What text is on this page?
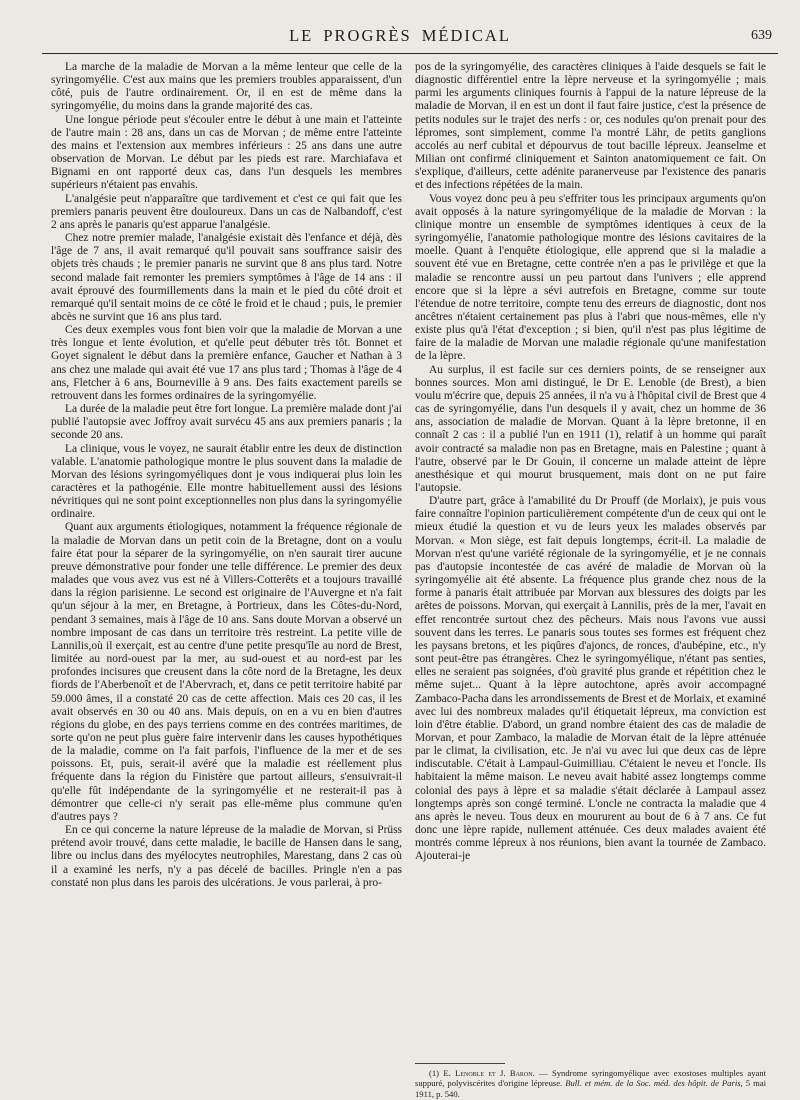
LE PROGRÈS MÉDICAL	639

La marche de la maladie de Morvan a la même lenteur que celle de la syringomyélie. C'est aux mains que les premiers troubles apparaissent, d'un côté, puis de l'autre ordinairement. Or, il en est de même dans la syringomyélie, du moins dans la grande majorité des cas.

Une longue période peut s'écouler entre le début à une main et l'atteinte de l'autre main : 28 ans, dans un cas de Morvan ; de même entre l'atteinte des mains et l'extension aux membres inférieurs : 25 ans dans une autre observation de Morvan. Le début par les pieds est rare. Marchiafava et Bignami en ont rapporté deux cas, dans l'un desquels les membres supérieurs n'étaient pas envahis.

L'analgésie peut n'apparaître que tardivement et c'est ce qui fait que les premiers panaris peuvent être douloureux. Dans un cas de Nalbandoff, c'est 2 ans après le panaris qu'est apparue l'analgésie.

Chez notre premier malade, l'analgésie existait dès l'enfance et déjà, dès l'âge de 7 ans, il avait remarqué qu'il pouvait sans souffrance saisir des objets très chauds ; le premier panaris ne survint que 8 ans plus tard. Notre second malade fait remonter les premiers symptômes à l'âge de 14 ans : il avait éprouvé des fourmillements dans la main et le pied du côté droit et remarqué qu'il sentait moins de ce côté le froid et le chaud ; puis, le premier abcès ne survint que 16 ans plus tard.

Ces deux exemples vous font bien voir que la maladie de Morvan a une très longue et lente évolution, et qu'elle peut débuter très tôt. Bonnet et Goyet signalent le début dans la première enfance, Gaucher et Nathan à 3 ans chez une malade qui avait été vue 17 ans plus tard ; Thomas à l'âge de 4 ans, Fletcher à 6 ans, Bourneville à 9 ans. Des faits exactement pareils se retrouvent dans les formes ordinaires de la syringomyélie.

La durée de la maladie peut être fort longue. La première malade dont j'ai publié l'autopsie avec Joffroy avait survécu 45 ans aux premiers panaris ; la seconde 20 ans.

La clinique, vous le voyez, ne saurait établir entre les deux de distinction valable. L'anatomie pathologique montre le plus souvent dans la maladie de Morvan des lésions syringomyéliques dont je vous indiquerai plus loin les caractères et la pathogénie. Elle montre habituellement aussi des lésions névritiques qui ne sont point exceptionnelles non plus dans la syringomyélie ordinaire.

Quant aux arguments étiologiques, notamment la fréquence régionale de la maladie de Morvan dans un petit coin de la Bretagne, dont on a voulu faire état pour la séparer de la syringomyélie, on n'en saurait tirer aucune preuve démonstrative pour fonder une telle différence. Le premier des deux malades que vous avez vus est né à Villers-Cotterêts et a toujours travaillé dans la région parisienne. Le second est originaire de l'Auvergne et n'a fait qu'un séjour à la mer, en Bretagne, à Portrieux, dans les Côtes-du-Nord, pendant 3 semaines, mais à l'âge de 10 ans. Sans doute Morvan a observé un nombre imposant de cas dans un territoire très restreint. La petite ville de Lannilis,où il exerçait, est au centre d'une petite presqu'île au nord de Brest, limitée au nord-ouest par la mer, au sud-ouest et au nord-est par les profondes incisures que creusent dans la côte nord de la Bretagne, les deux fiords de l'Aberbenoît et de l'Abervrach, et, dans ce petit territoire habité par 59.000 âmes, il a constaté 20 cas de cette affection. Mais ces 20 cas, il les avait observés en 30 ou 40 ans. Mais depuis, on en a vu en bien d'autres régions du globe, en des pays terriens comme en des contrées maritimes, de sorte qu'on ne peut plus guère faire intervenir dans les causes hypothétiques de la maladie, comme on l'a fait parfois, l'influence de la mer et de ses poissons. Et, puis, serait-il avéré que la maladie est réellement plus fréquente dans la région du Finistère que partout ailleurs, s'ensuivrait-il qu'elle fût indépendante de la syringomyélie et ne resterait-il pas à démontrer que celle-ci n'y serait pas elle-même plus commune qu'en d'autres pays ?

En ce qui concerne la nature lépreuse de la maladie de Morvan, si Prüss prétend avoir trouvé, dans cette maladie, le bacille de Hansen dans le sang, libre ou inclus dans des myélocytes neutrophiles, Marestang, dans 2 cas où il a examiné les nerfs, n'y a pas décelé de bacilles. Pringle n'en a pas constaté non plus dans les parois des ulcérations. Je vous parlerai, à pro-

pos de la syringomyélie, des caractères cliniques à l'aide desquels se fait le diagnostic différentiel entre la lèpre nerveuse et la syringomyélie ; mais parmi les arguments cliniques fournis à l'appui de la nature lépreuse de la maladie de Morvan, il en est un dont il faut faire justice, c'est la présence de petits nodules sur le trajet des nerfs : or, ces nodules qu'on prenait pour des lépromes, sont simplement, comme l'a montré Lähr, de petits ganglions accolés au nerf cubital et dépourvus de tout bacille lépreux. Jeanselme et Milian ont confirmé cliniquement et Sainton anatomiquement ce fait. On s'explique, d'ailleurs, cette adénite paranerveuse par l'existence des panaris et des infections répétées de la main.

Vous voyez donc peu à peu s'effriter tous les principaux arguments qu'on avait opposés à la nature syringomyélique de la maladie de Morvan : la clinique montre un ensemble de symptômes identiques à ceux de la syringomyélie, l'anatomie pathologique montre des lésions cavitaires de la moelle. Quant à l'enquête étiologique, elle apprend que si la maladie a souvent été vue en Bretagne, cette contrée n'en a pas le privilège et que la maladie se rencontre aussi un peu partout dans l'univers ; elle apprend encore que si la lèpre a sévi autrefois en Bretagne, comme sur toute l'étendue de notre territoire, compte tenu des erreurs de diagnostic, dont nos ancêtres n'étaient certainement pas plus à l'abri que nous-mêmes, elle n'y existe plus qu'à l'état d'exception ; si bien, qu'il n'est pas plus légitime de faire de la maladie de Morvan une maladie régionale qu'une manifestation de la lèpre.

Au surplus, il est facile sur ces derniers points, de se renseigner aux bonnes sources. Mon ami distingué, le Dr E. Lenoble (de Brest), a bien voulu m'écrire que, depuis 25 années, il n'a vu à l'hôpital civil de Brest que 4 cas de syringomyélie, dans l'un desquels il y avait, chez un homme de 36 ans, association de maladie de Morvan. Quant à la lèpre bretonne, il en connaît 2 cas : il a publié l'un en 1911 (1), relatif à un homme qui paraît avoir contracté sa maladie non pas en Bretagne, mais en Palestine ; quant à l'autre, observé par le Dr Gouin, il concerne un malade atteint de lèpre anesthésique et qui mourut brusquement, mais dont on ne put faire l'autopsie.

D'autre part, grâce à l'amabilité du Dr Prouff (de Morlaix), je puis vous faire connaître l'opinion particulièrement compétente d'un de ceux qui ont le mieux étudié la question et vu de leurs yeux les malades observés par Morvan. « Mon siège, est fait depuis longtemps, écrit-il. La maladie de Morvan n'est qu'une variété régionale de la syringomyélie, et je ne connais pas d'autopsie incontestée de cas avéré de maladie de Morvan où la syringomyélie ait été absente. La fréquence plus grande chez nous de la forme à panaris était attribuée par Morvan aux blessures des doigts par les arêtes de poissons. Morvan, qui exerçait à Lannilis, près de la mer, l'avait en effet rencontrée surtout chez des pêcheurs. Mais nous l'avons vue aussi souvent dans les terres. Le panaris sous toutes ses formes est fréquent chez les paysans bretons, et les piqûres d'ajoncs, de ronces, d'aubépine, etc., n'y sont peut-être pas étrangères. Chez le syringomyélique, n'étant pas senties, elles ne seraient pas soignées, d'où gravité plus grande et répétition chez le même sujet... Quant à la lèpre autochtone, après avoir accompagné Zambaco-Pacha dans les arrondissements de Brest et de Morlaix, et examiné avec lui des nombreux malades qu'il étiquetait lépreux, ma conviction est loin d'être établie. D'abord, un grand nombre étaient des cas de maladie de Morvan, et pour Zambaco, la maladie de Morvan était de la lèpre atténuée par le climat, la civilisation, etc. Je n'ai vu avec lui que deux cas de lèpre indiscutable. C'était à Lampaul-Guimilliau. C'étaient le neveu et l'oncle. Ils habitaient la même maison. Le neveu avait habité assez longtemps comme colonial des pays à lèpre et sa maladie s'était déclarée à Lampaul assez longtemps après son congé terminé. L'oncle ne contracta la maladie que 4 ans après le neveu. Tous deux en moururent au bout de 6 à 7 ans. Ce fut donc une lèpre rapide, nullement atténuée. Ces deux malades avaient été montrés comme lépreux à nos réunions, bien avant la tournée de Zambaco. Ajouterai-je

(1) E. Lenoble et J. Baron. — Syndrome syringomyélique avec exostoses multiples ayant suppuré, polyviscérites d'origine lépreuse. Bull. et mém. de la Soc. méd. des hôpit. de Paris, 5 mai 1911, p. 540.
